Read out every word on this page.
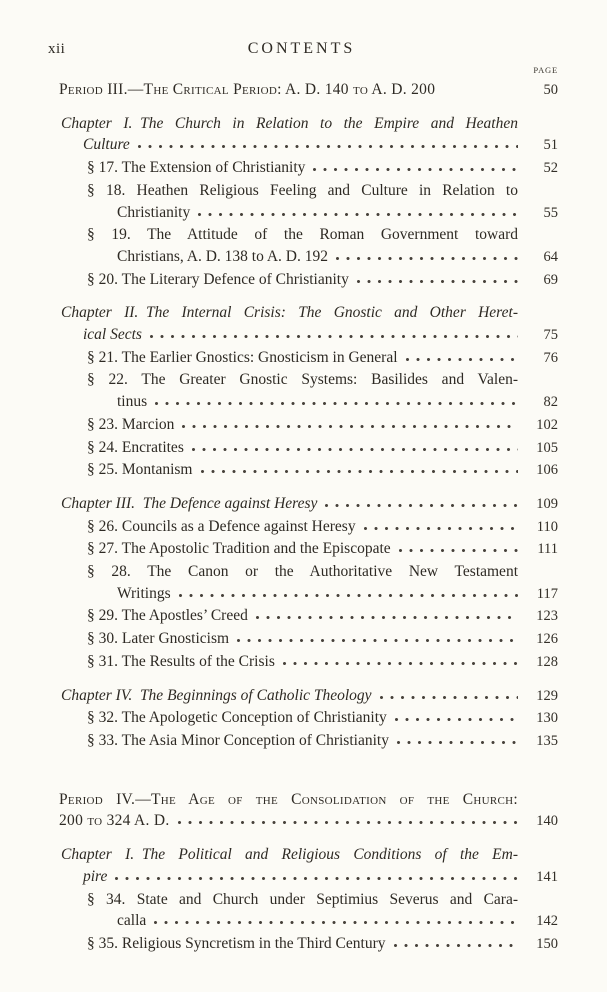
xii	CONTENTS
PAGE
Period III.—The Critical Period: A. D. 140 to A. D. 200	50
Chapter I. The Church in Relation to the Empire and Heathen
Culture	51
§ 17. The Extension of Christianity	52
§ 18. Heathen Religious Feeling and Culture in Relation to
Christianity	55
§ 19. The Attitude of the Roman Government toward
Christians, A. D. 138 to A. D. 192	64
§ 20. The Literary Defence of Christianity	69
Chapter II. The Internal Crisis: The Gnostic and Other Heret-
ical Sects	75
§ 21. The Earlier Gnostics: Gnosticism in General	76
§ 22. The Greater Gnostic Systems: Basilides and Valen-
tinus	82
§ 23. Marcion	102
§ 24. Encratites	105
§ 25. Montanism	106
Chapter III. The Defence against Heresy	109
§ 26. Councils as a Defence against Heresy	110
§ 27. The Apostolic Tradition and the Episcopate	111
§ 28. The Canon or the Authoritative New Testament
Writings	117
§ 29. The Apostles’ Creed	123
§ 30. Later Gnosticism	126
§ 31. The Results of the Crisis	128
Chapter IV. The Beginnings of Catholic Theology	129
§ 32. The Apologetic Conception of Christianity	130
§ 33. The Asia Minor Conception of Christianity	135
Period IV.—The Age of the Consolidation of the Church:
200 to 324 A. D.	140
Chapter I. The Political and Religious Conditions of the Em-
pire	141
§ 34. State and Church under Septimius Severus and Cara-
calla	142
§ 35. Religious Syncretism in the Third Century	150
